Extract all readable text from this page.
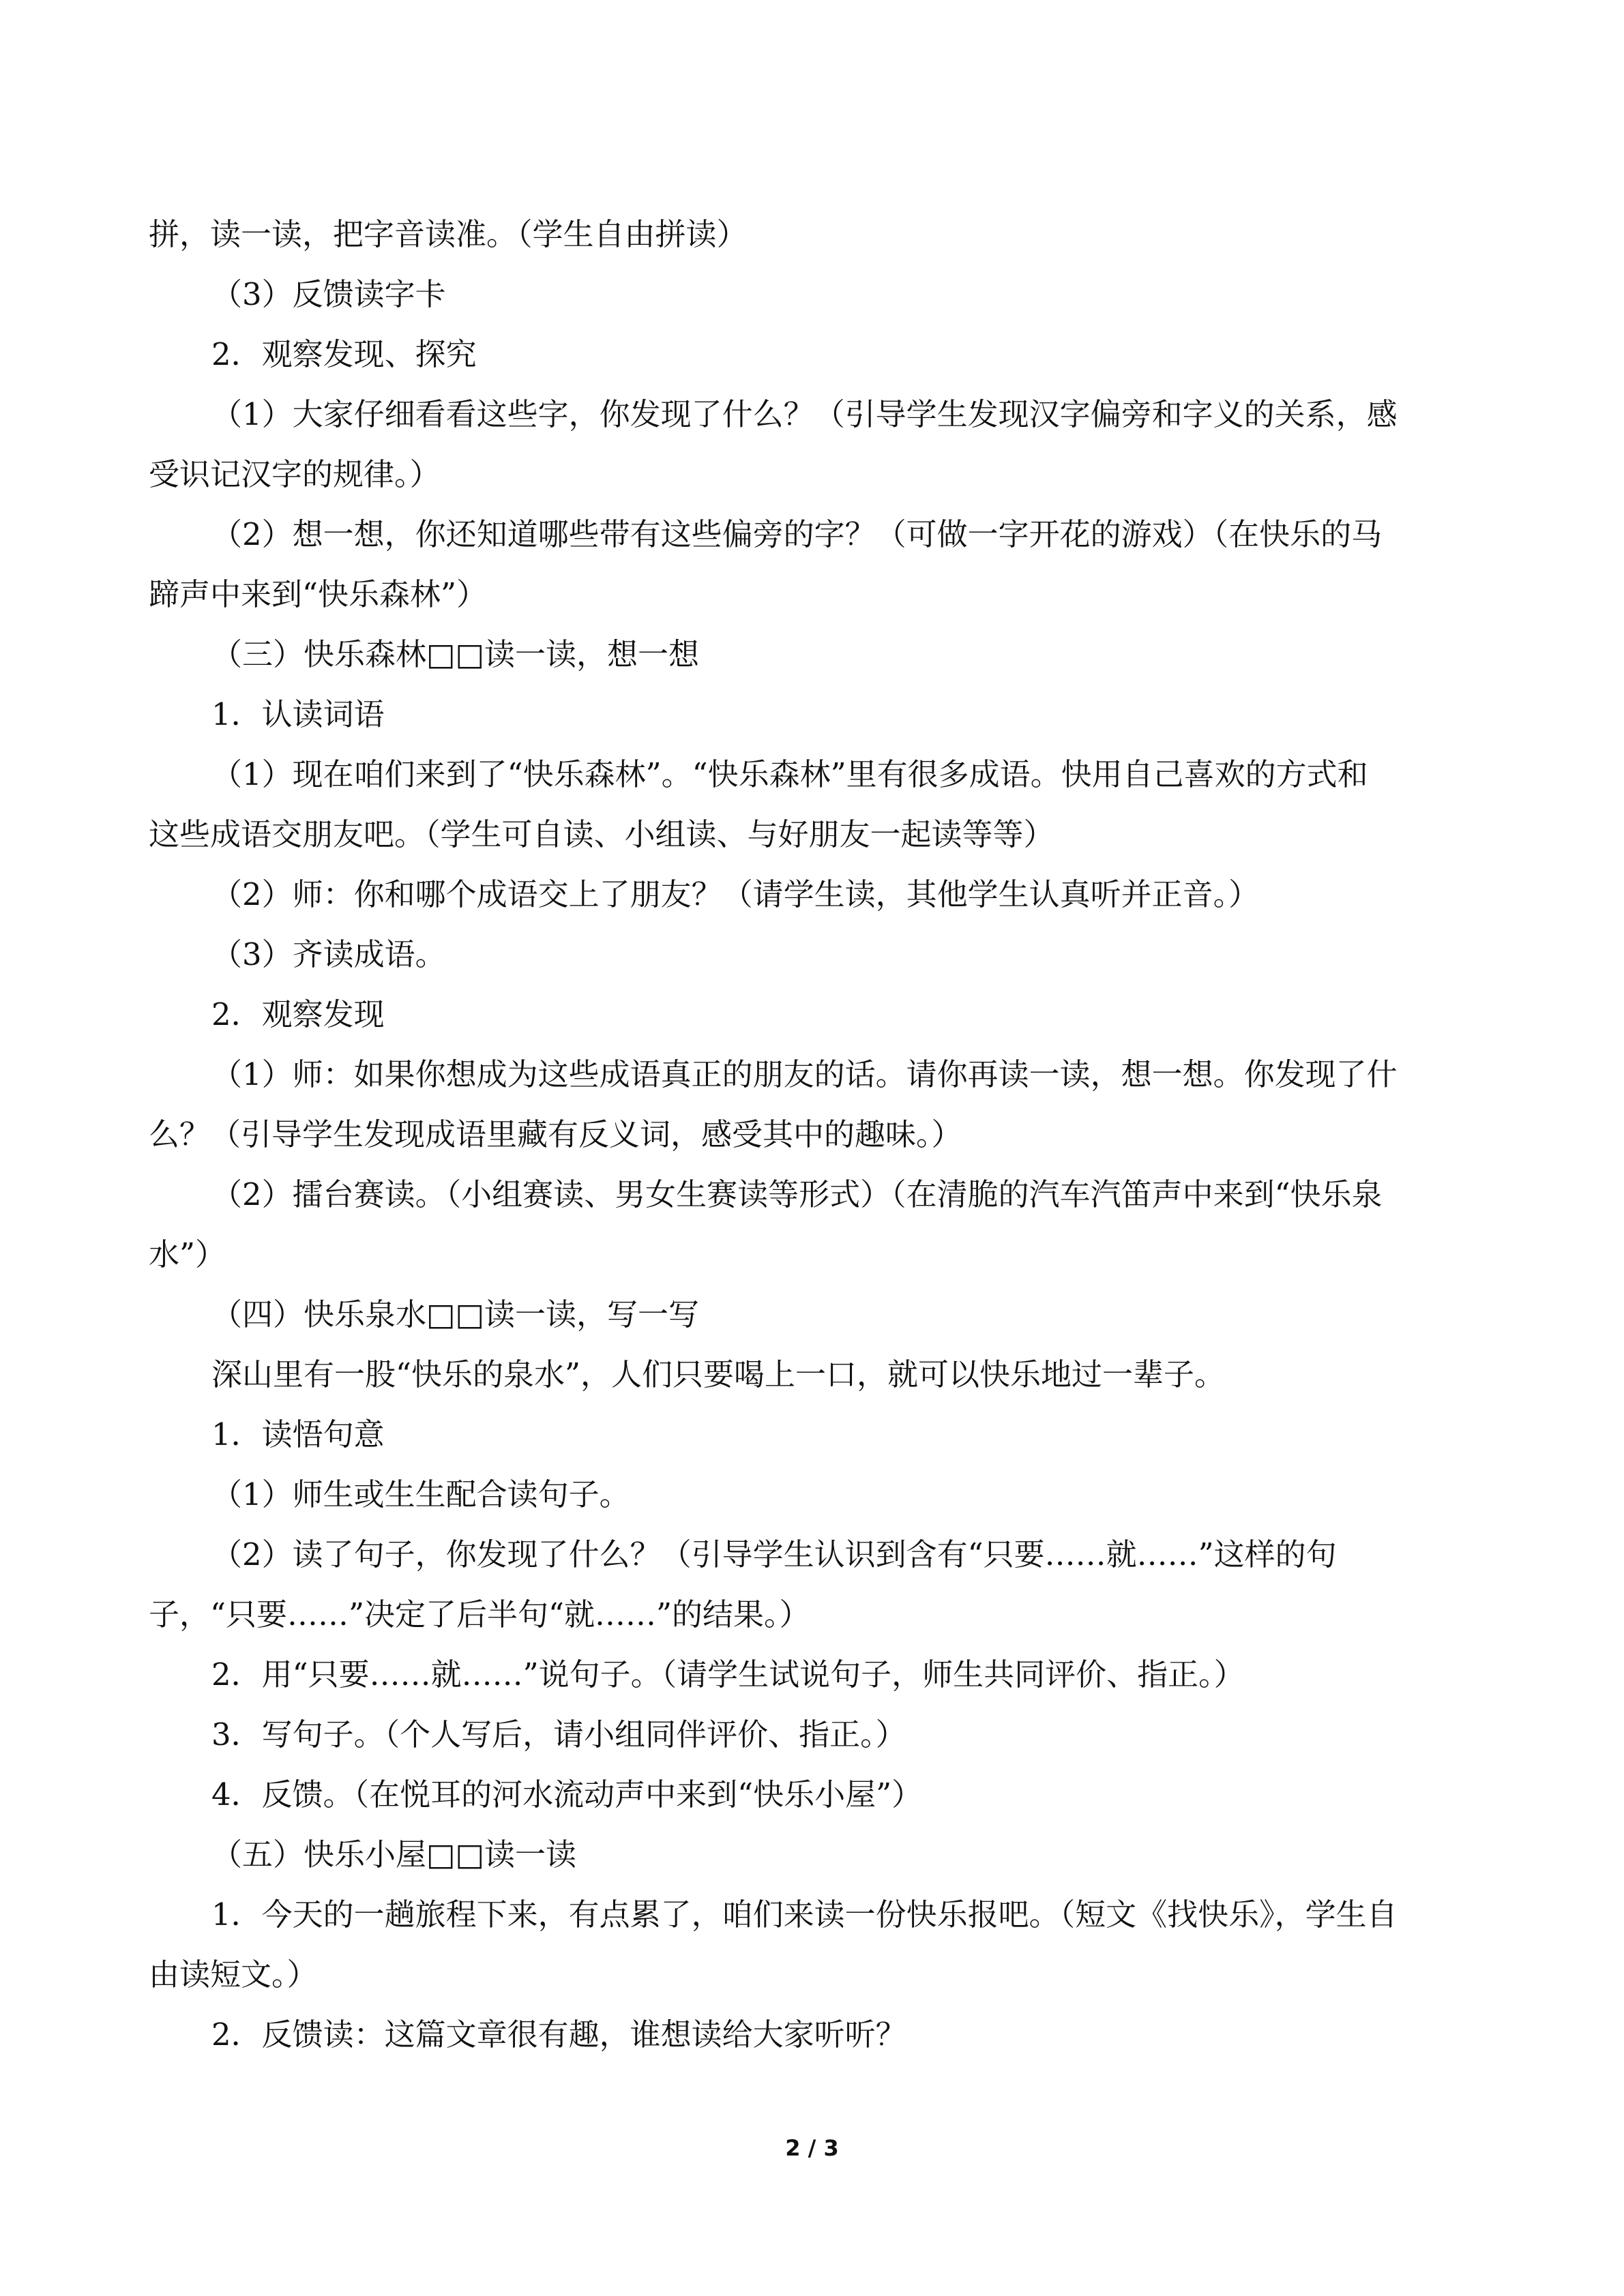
拼，读一读，把字音读准。（学生自由拼读）
（3）反馈读字卡
2．观察发现、探究
（1）大家仔细看看这些字，你发现了什么？（引导学生发现汉字偏旁和字义的关系，感
受识记汉字的规律。）
（2）想一想，你还知道哪些带有这些偏旁的字？（可做一字开花的游戏）（在快乐的马
蹄声中来到“快乐森林”）
（三）快乐森林□□读一读，想一想
1．认读词语
（1）现在咱们来到了“快乐森林”。“快乐森林”里有很多成语。快用自己喜欢的方式和
这些成语交朋友吧。（学生可自读、小组读、与好朋友一起读等等）
（2）师：你和哪个成语交上了朋友？（请学生读，其他学生认真听并正音。）
（3）齐读成语。
2．观察发现
（1）师：如果你想成为这些成语真正的朋友的话。请你再读一读，想一想。你发现了什
么？（引导学生发现成语里藏有反义词，感受其中的趣味。）
（2）擂台赛读。（小组赛读、男女生赛读等形式）（在清脆的汽车汽笛声中来到“快乐泉
水”）
（四）快乐泉水□□读一读，写一写
深山里有一股“快乐的泉水”，人们只要喝上一口，就可以快乐地过一辈子。
1．读悟句意
（1）师生或生生配合读句子。
（2）读了句子，你发现了什么？（引导学生认识到含有“只要……就……”这样的句
子，“只要……”决定了后半句“就……”的结果。）
2．用“只要……就……”说句子。（请学生试说句子，师生共同评价、指正。）
3．写句子。（个人写后，请小组同伴评价、指正。）
4．反馈。（在悦耳的河水流动声中来到“快乐小屋”）
（五）快乐小屋□□读一读
1．今天的一趟旅程下来，有点累了，咱们来读一份快乐报吧。（短文《找快乐》，学生自
由读短文。）
2．反馈读：这篇文章很有趣，谁想读给大家听听？
2 / 3
